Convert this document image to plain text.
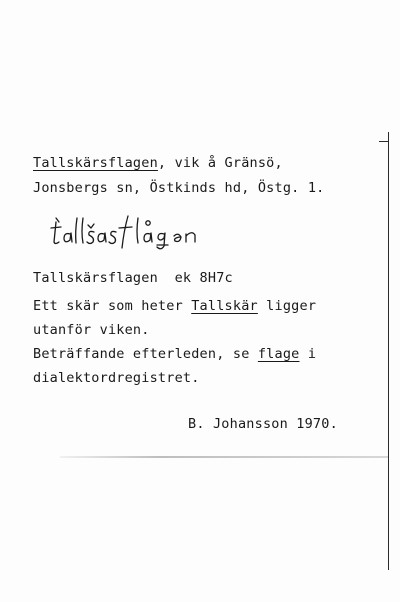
Tallskärsflagen, vik å Gränsö,
Jonsbergs sn, Östkinds hd, Östg. 1.
Tallskärsflagen ek 8H7c
Ett skär som heter Tallskär ligger
utanför viken.
Beträffande efterleden, se flage i
dialektordregistret.
B. Johansson 1970.
